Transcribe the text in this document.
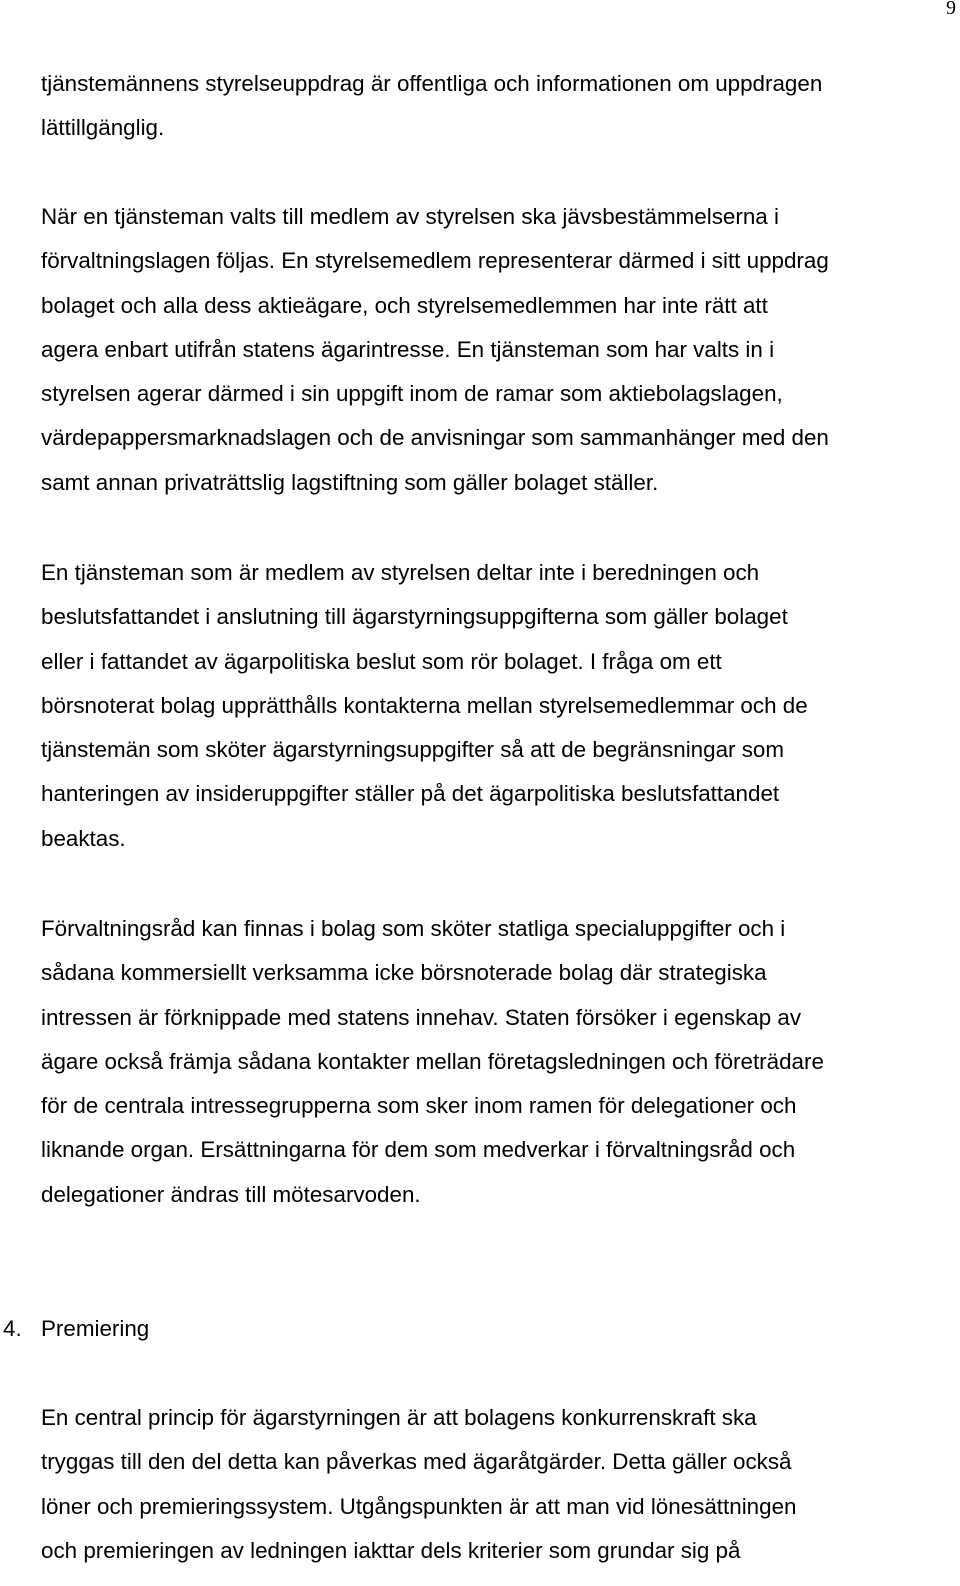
9

tjänstemännens styrelseuppdrag är offentliga och informationen om uppdragen
lättillgänglig.

När en tjänsteman valts till medlem av styrelsen ska jävsbestämmelserna i
förvaltningslagen följas. En styrelsemedlem representerar därmed i sitt uppdrag
bolaget och alla dess aktieägare, och styrelsemedlemmen har inte rätt att
agera enbart utifrån statens ägarintresse. En tjänsteman som har valts in i
styrelsen agerar därmed i sin uppgift inom de ramar som aktiebolagslagen,
värdepappersmarknadslagen och de anvisningar som sammanhänger med den
samt annan privaträttslig lagstiftning som gäller bolaget ställer.

En tjänsteman som är medlem av styrelsen deltar inte i beredningen och
beslutsfattandet i anslutning till ägarstyrningsuppgifterna som gäller bolaget
eller i fattandet av ägarpolitiska beslut som rör bolaget. I fråga om ett
börsnoterat bolag upprätthålls kontakterna mellan styrelsemedlemmar och de
tjänstemän som sköter ägarstyrningsuppgifter så att de begränsningar som
hanteringen av insideruppgifter ställer på det ägarpolitiska beslutsfattandet
beaktas.

Förvaltningsråd kan finnas i bolag som sköter statliga specialuppgifter och i
sådana kommersiellt verksamma icke börsnoterade bolag där strategiska
intressen är förknippade med statens innehav. Staten försöker i egenskap av
ägare också främja sådana kontakter mellan företagsledningen och företrädare
för de centrala intressegrupperna som sker inom ramen för delegationer och
liknande organ. Ersättningarna för dem som medverkar i förvaltningsråd och
delegationer ändras till mötesarvoden.

4. Premiering

En central princip för ägarstyrningen är att bolagens konkurrenskraft ska
tryggas till den del detta kan påverkas med ägaråtgärder. Detta gäller också
löner och premieringssystem. Utgångspunkten är att man vid lönesättningen
och premieringen av ledningen iakttar dels kriterier som grundar sig på
